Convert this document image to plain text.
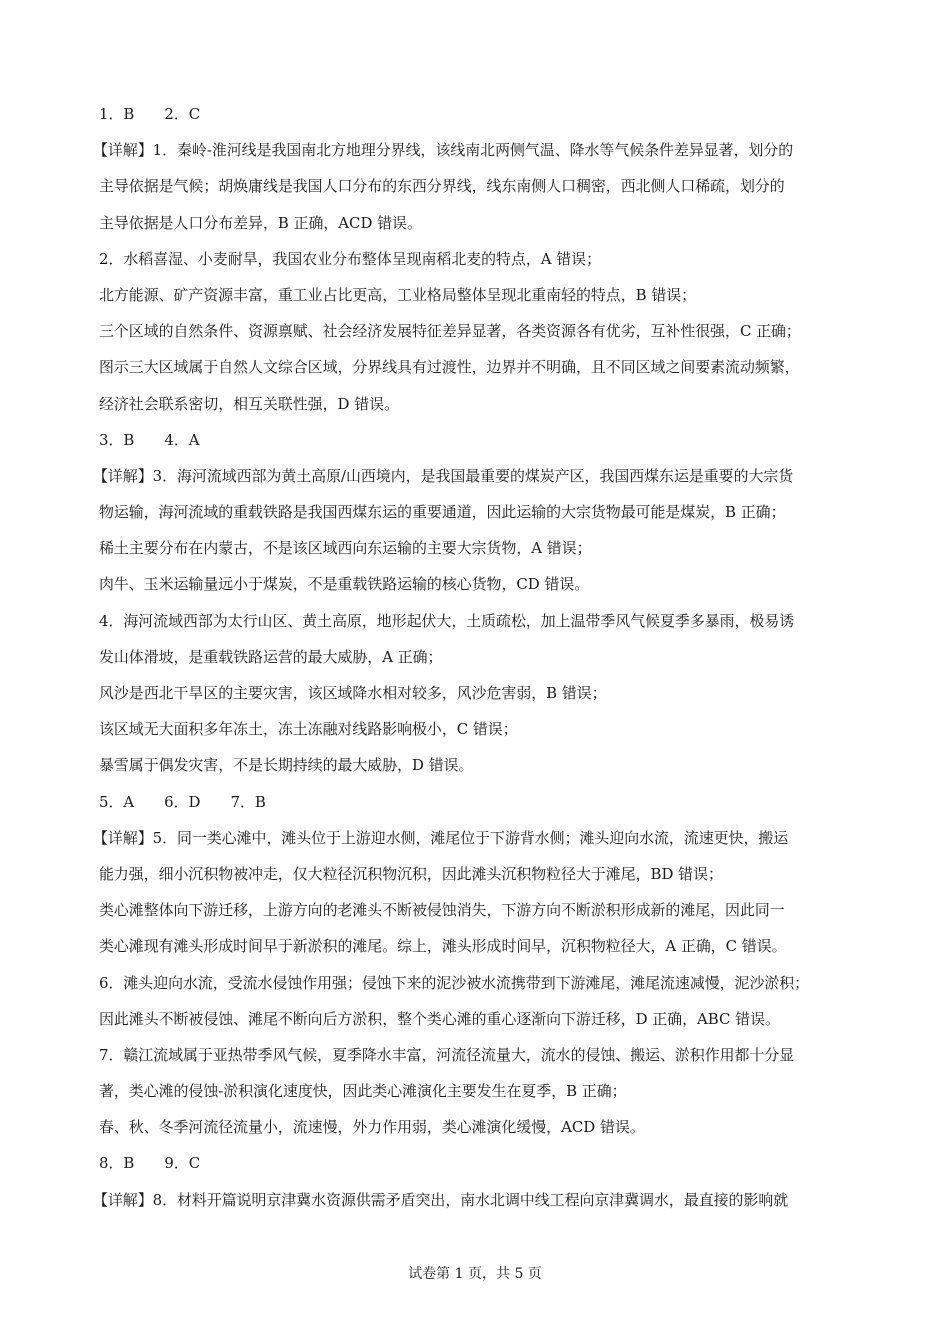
1．B 2．C
【详解】1．秦岭-淮河线是我国南北方地理分界线，该线南北两侧气温、降水等气候条件差异显著，划分的
主导依据是气候；胡焕庸线是我国人口分布的东西分界线，线东南侧人口稠密，西北侧人口稀疏，划分的
主导依据是人口分布差异，B 正确，ACD 错误。
2．水稻喜湿、小麦耐旱，我国农业分布整体呈现南稻北麦的特点，A 错误；
北方能源、矿产资源丰富，重工业占比更高，工业格局整体呈现北重南轻的特点，B 错误；
三个区域的自然条件、资源禀赋、社会经济发展特征差异显著，各类资源各有优劣，互补性很强，C 正确；
图示三大区域属于自然人文综合区域，分界线具有过渡性，边界并不明确，且不同区域之间要素流动频繁，
经济社会联系密切，相互关联性强，D 错误。
3．B 4．A
【详解】3．海河流域西部为黄土高原/山西境内，是我国最重要的煤炭产区，我国西煤东运是重要的大宗货
物运输，海河流域的重载铁路是我国西煤东运的重要通道，因此运输的大宗货物最可能是煤炭，B 正确；
稀土主要分布在内蒙古，不是该区域西向东运输的主要大宗货物，A 错误；
肉牛、玉米运输量远小于煤炭，不是重载铁路运输的核心货物，CD 错误。
4．海河流域西部为太行山区、黄土高原，地形起伏大，土质疏松，加上温带季风气候夏季多暴雨，极易诱
发山体滑坡，是重载铁路运营的最大威胁，A 正确；
风沙是西北干旱区的主要灾害，该区域降水相对较多，风沙危害弱，B 错误；
该区域无大面积多年冻土，冻土冻融对线路影响极小，C 错误；
暴雪属于偶发灾害，不是长期持续的最大威胁，D 错误。
5．A 6．D 7．B
【详解】5．同一类心滩中，滩头位于上游迎水侧，滩尾位于下游背水侧；滩头迎向水流，流速更快，搬运
能力强，细小沉积物被冲走，仅大粒径沉积物沉积，因此滩头沉积物粒径大于滩尾，BD 错误；
类心滩整体向下游迁移，上游方向的老滩头不断被侵蚀消失，下游方向不断淤积形成新的滩尾，因此同一
类心滩现有滩头形成时间早于新淤积的滩尾。综上，滩头形成时间早，沉积物粒径大，A 正确，C 错误。
6．滩头迎向水流，受流水侵蚀作用强；侵蚀下来的泥沙被水流携带到下游滩尾，滩尾流速减慢，泥沙淤积；
因此滩头不断被侵蚀、滩尾不断向后方淤积，整个类心滩的重心逐渐向下游迁移，D 正确，ABC 错误。
7．赣江流域属于亚热带季风气候，夏季降水丰富，河流径流量大，流水的侵蚀、搬运、淤积作用都十分显
著，类心滩的侵蚀-淤积演化速度快，因此类心滩演化主要发生在夏季，B 正确；
春、秋、冬季河流径流量小，流速慢，外力作用弱，类心滩演化缓慢，ACD 错误。
8．B 9．C
【详解】8．材料开篇说明京津冀水资源供需矛盾突出，南水北调中线工程向京津冀调水，最直接的影响就
试卷第 1 页，共 5 页
